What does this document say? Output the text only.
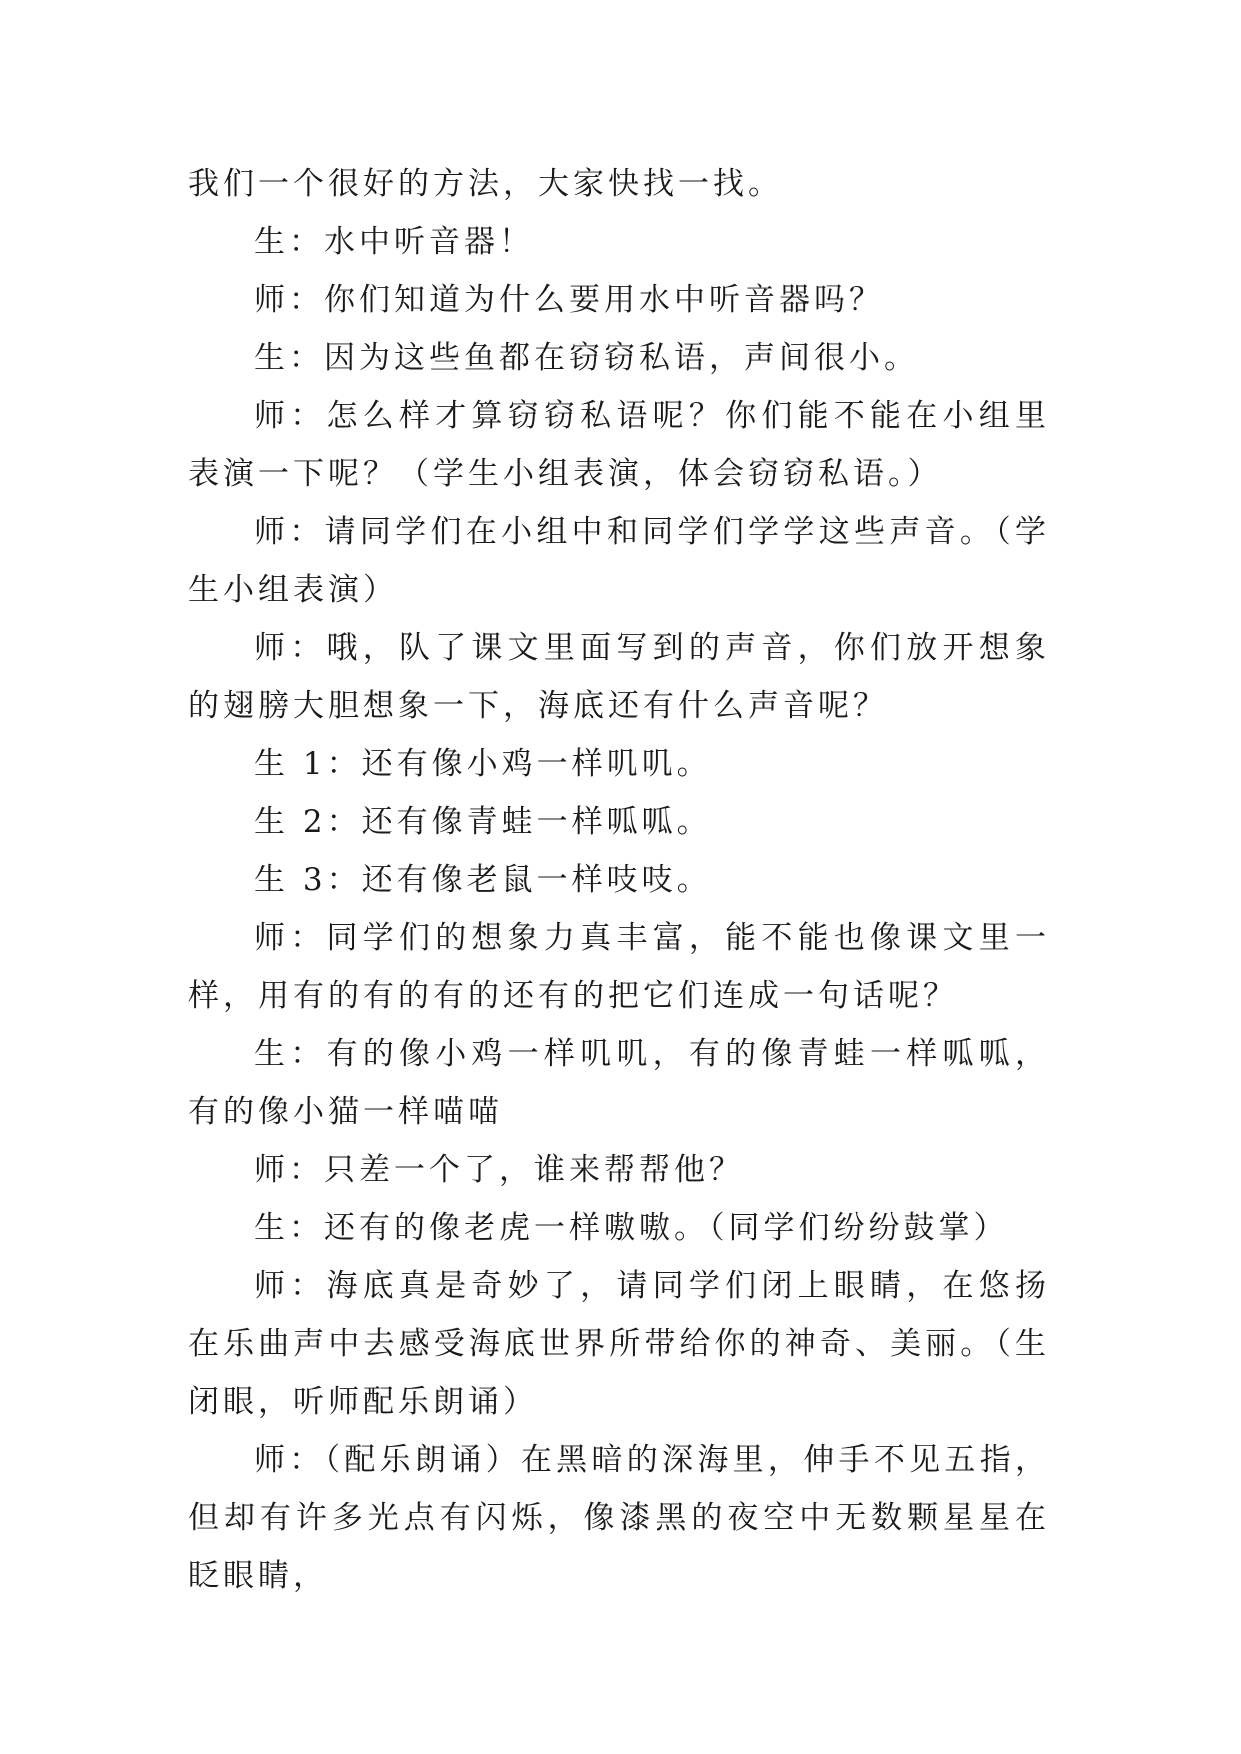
我们一个很好的方法，大家快找一找。

生：水中听音器！

师：你们知道为什么要用水中听音器吗？

生：因为这些鱼都在窃窃私语，声间很小。

师：怎么样才算窃窃私语呢？你们能不能在小组里表演一下呢？（学生小组表演，体会窃窃私语。）

师：请同学们在小组中和同学们学学这些声音。（学生小组表演）

师：哦，队了课文里面写到的声音，你们放开想象的翅膀大胆想象一下，海底还有什么声音呢？

生 1：还有像小鸡一样叽叽。

生 2：还有像青蛙一样呱呱。

生 3：还有像老鼠一样吱吱。

师：同学们的想象力真丰富，能不能也像课文里一样，用有的有的有的还有的把它们连成一句话呢？

生：有的像小鸡一样叽叽，有的像青蛙一样呱呱，有的像小猫一样喵喵

师：只差一个了，谁来帮帮他？

生：还有的像老虎一样嗷嗷。（同学们纷纷鼓掌）

师：海底真是奇妙了，请同学们闭上眼睛，在悠扬在乐曲声中去感受海底世界所带给你的神奇、美丽。（生闭眼，听师配乐朗诵）

师：（配乐朗诵）在黑暗的深海里，伸手不见五指，但却有许多光点有闪烁，像漆黑的夜空中无数颗星星在眨眼睛，
